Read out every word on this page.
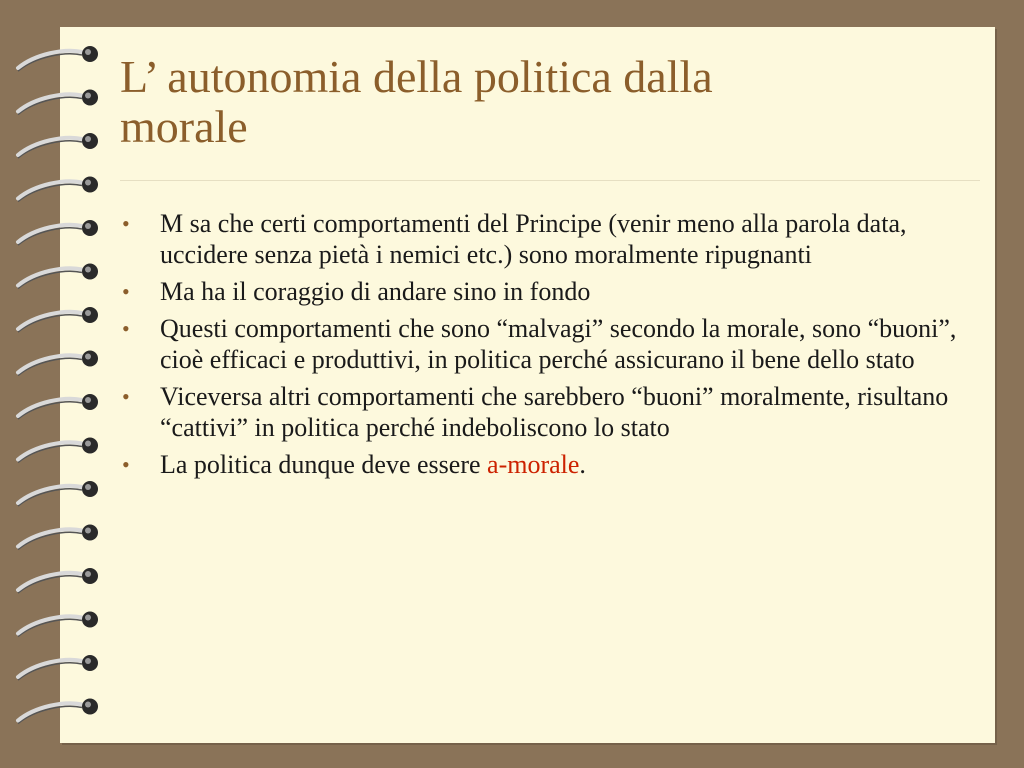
L’ autonomia della politica dalla
morale
• M sa che certi comportamenti del Principe (venir meno alla parola data, uccidere senza pietà i nemici etc.) sono moralmente ripugnanti
• Ma ha il coraggio di andare sino in fondo
• Questi comportamenti che sono “malvagi” secondo la morale, sono “buoni”, cioè efficaci e produttivi, in politica perché assicurano il bene dello stato
• Viceversa altri comportamenti che sarebbero “buoni” moralmente, risultano “cattivi” in politica perché indeboliscono lo stato
• La politica dunque deve essere a-morale.
